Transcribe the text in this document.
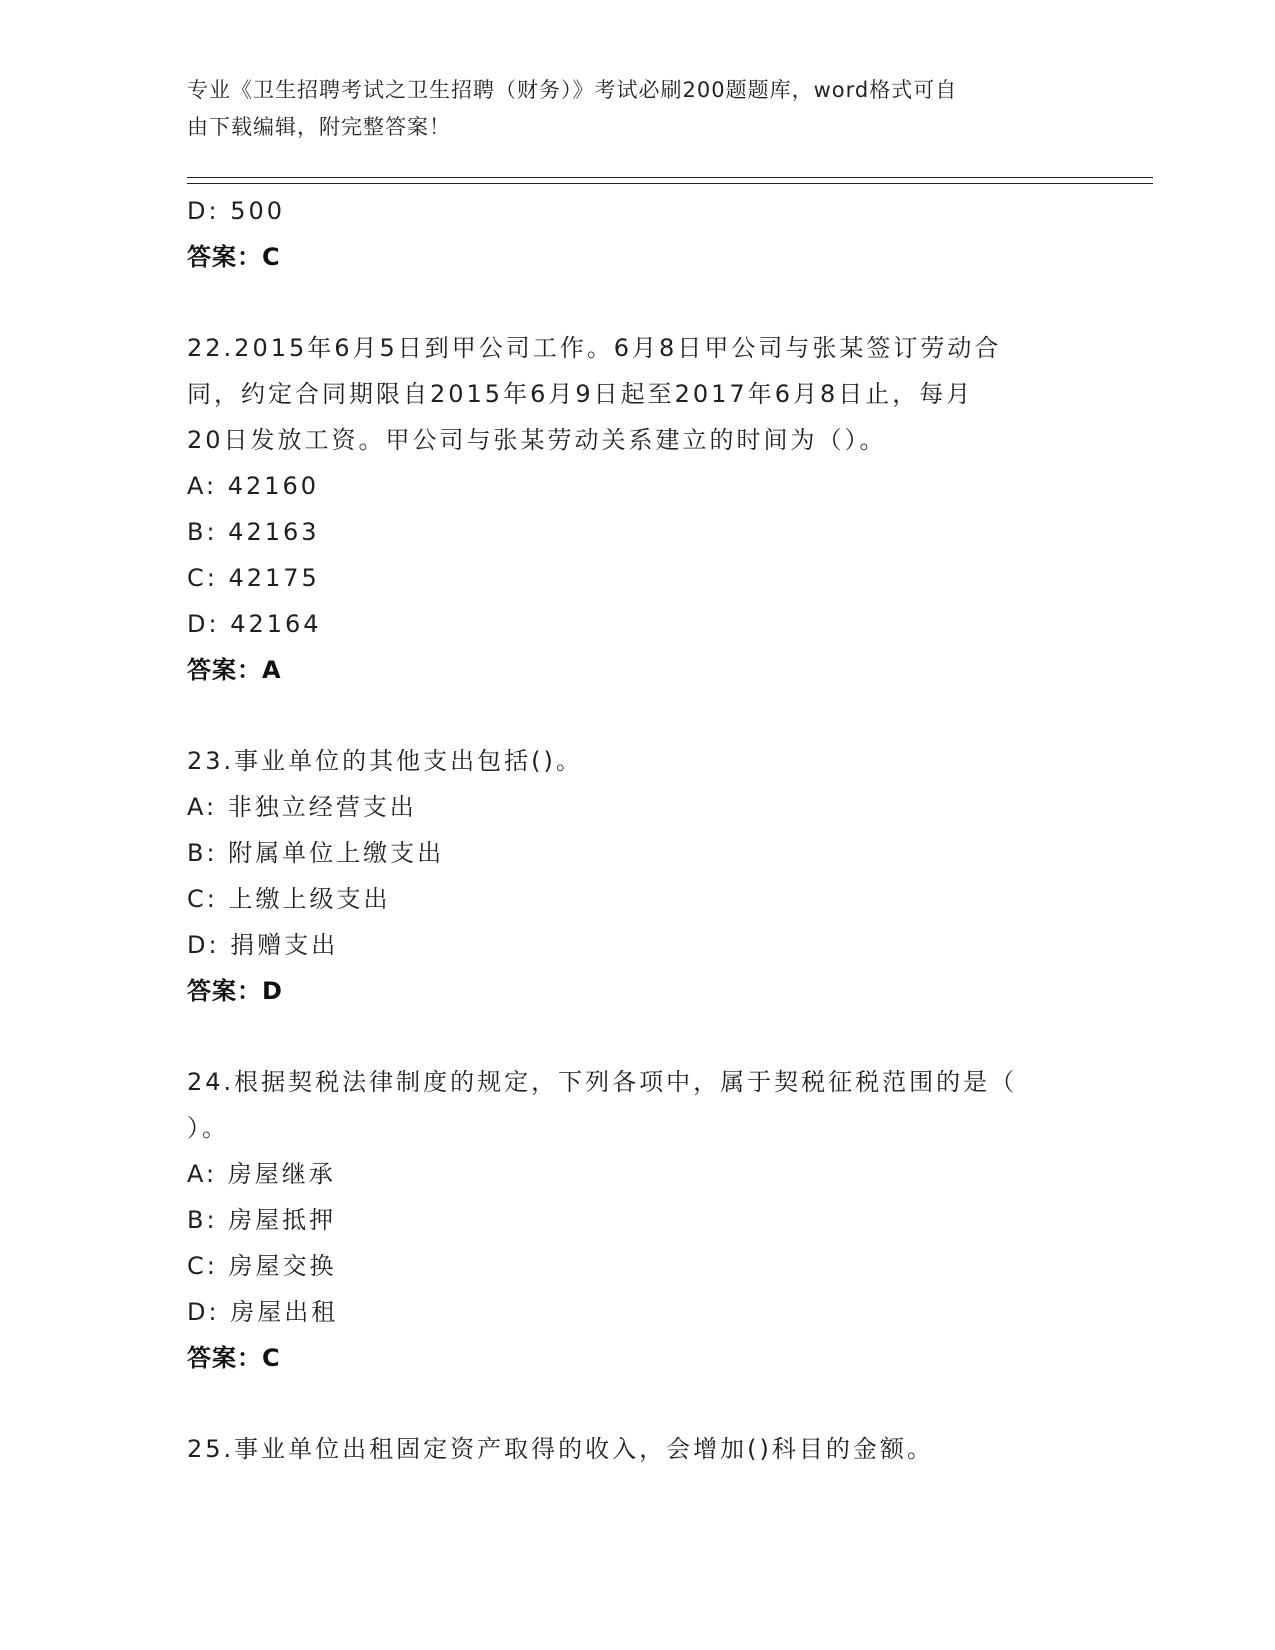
专业《卫生招聘考试之卫生招聘（财务）》考试必刷200题题库，word格式可自
由下载编辑，附完整答案！
D: 500
答案：C
22.2015年6月5日到甲公司工作。6月8日甲公司与张某签订劳动合
同，约定合同期限自2015年6月9日起至2017年6月8日止，每月
20日发放工资。甲公司与张某劳动关系建立的时间为（）。
A: 42160
B: 42163
C: 42175
D: 42164
答案：A
23.事业单位的其他支出包括()。
A: 非独立经营支出
B: 附属单位上缴支出
C: 上缴上级支出
D: 捐赠支出
答案：D
24.根据契税法律制度的规定，下列各项中，属于契税征税范围的是（
）。
A: 房屋继承
B: 房屋抵押
C: 房屋交换
D: 房屋出租
答案：C
25.事业单位出租固定资产取得的收入，会增加()科目的金额。
